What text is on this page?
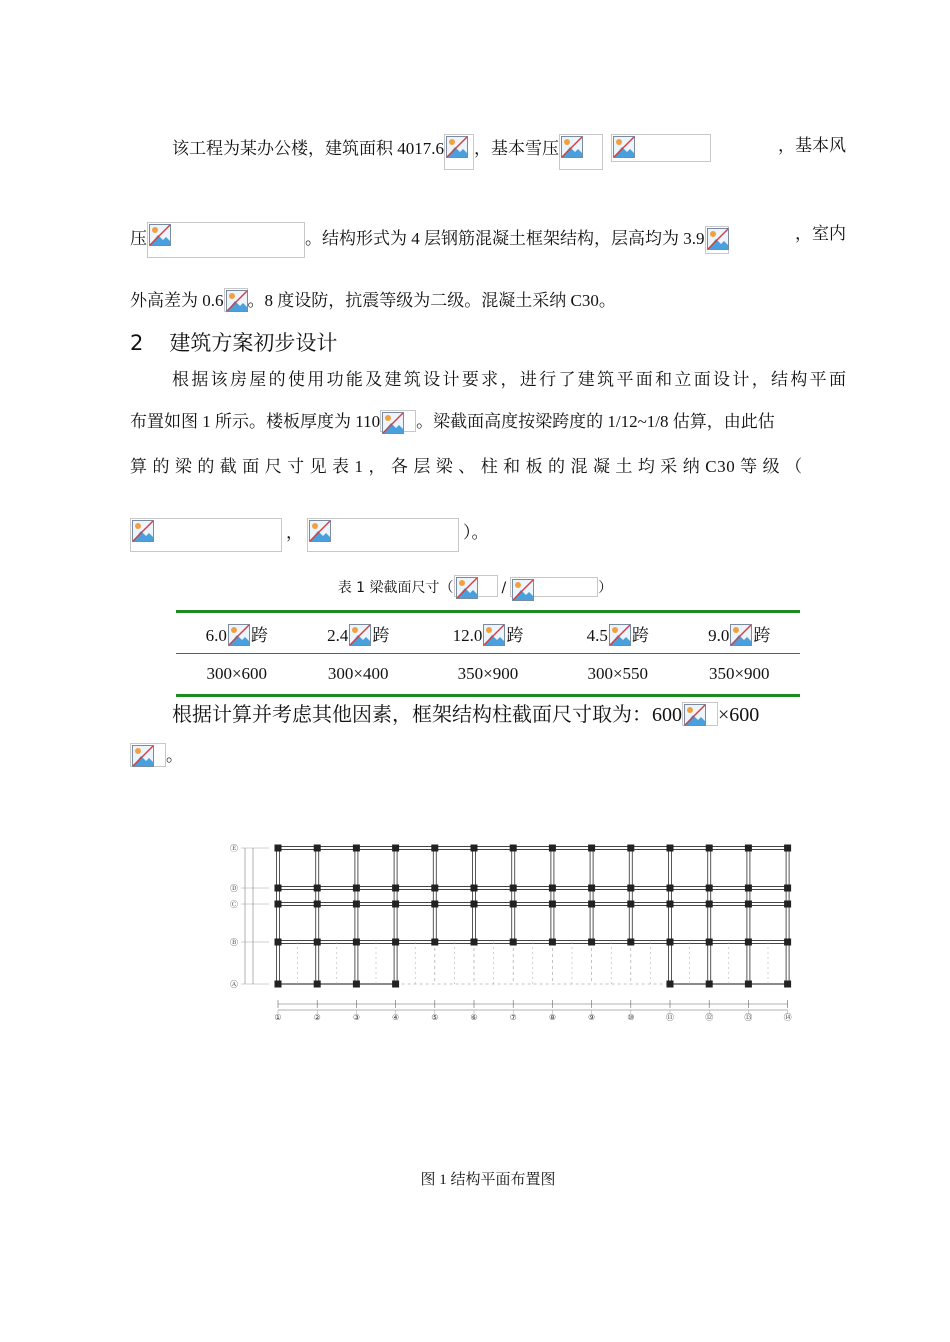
该工程为某办公楼，建筑面积 4017.6 ，基本雪压
	，基本风
压	。结构形式为 4 层钢筋混凝土框架结构，层高均为 3.9	，室内
外高差为 0.6 。8 度设防，抗震等级为二级。混凝土采纳 C30。
2 建筑方案初步设计
根据该房屋的使用功能及建筑设计要求，进行了建筑平面和立面设计，结构平面
布置如图 1 所示。楼板厚度为 110 。梁截面高度按梁跨度的 1/12~1/8 估算，由此估
算 的 梁 的 截 面 尺 寸 见 表 1 ， 各 层 梁 、 柱 和 板 的 混 凝 土 均 采 纳 C30 等 级 （
，	）。
表 1 梁截面尺寸（	/	）
6.0 跨	2.4 跨	12.0 跨	4.5 跨	9.0 跨
300×600	300×400	350×900	300×550	350×900
根据计算并考虑其他因素，框架结构柱截面尺寸取为：600 ×600
。
①	②	③	④	⑤	⑥	⑦	⑧	⑨	⑩	⑪	⑫	⑬	⑭
Ⓔ
Ⓓ
Ⓒ
Ⓑ
Ⓐ
图 1 结构平面布置图
